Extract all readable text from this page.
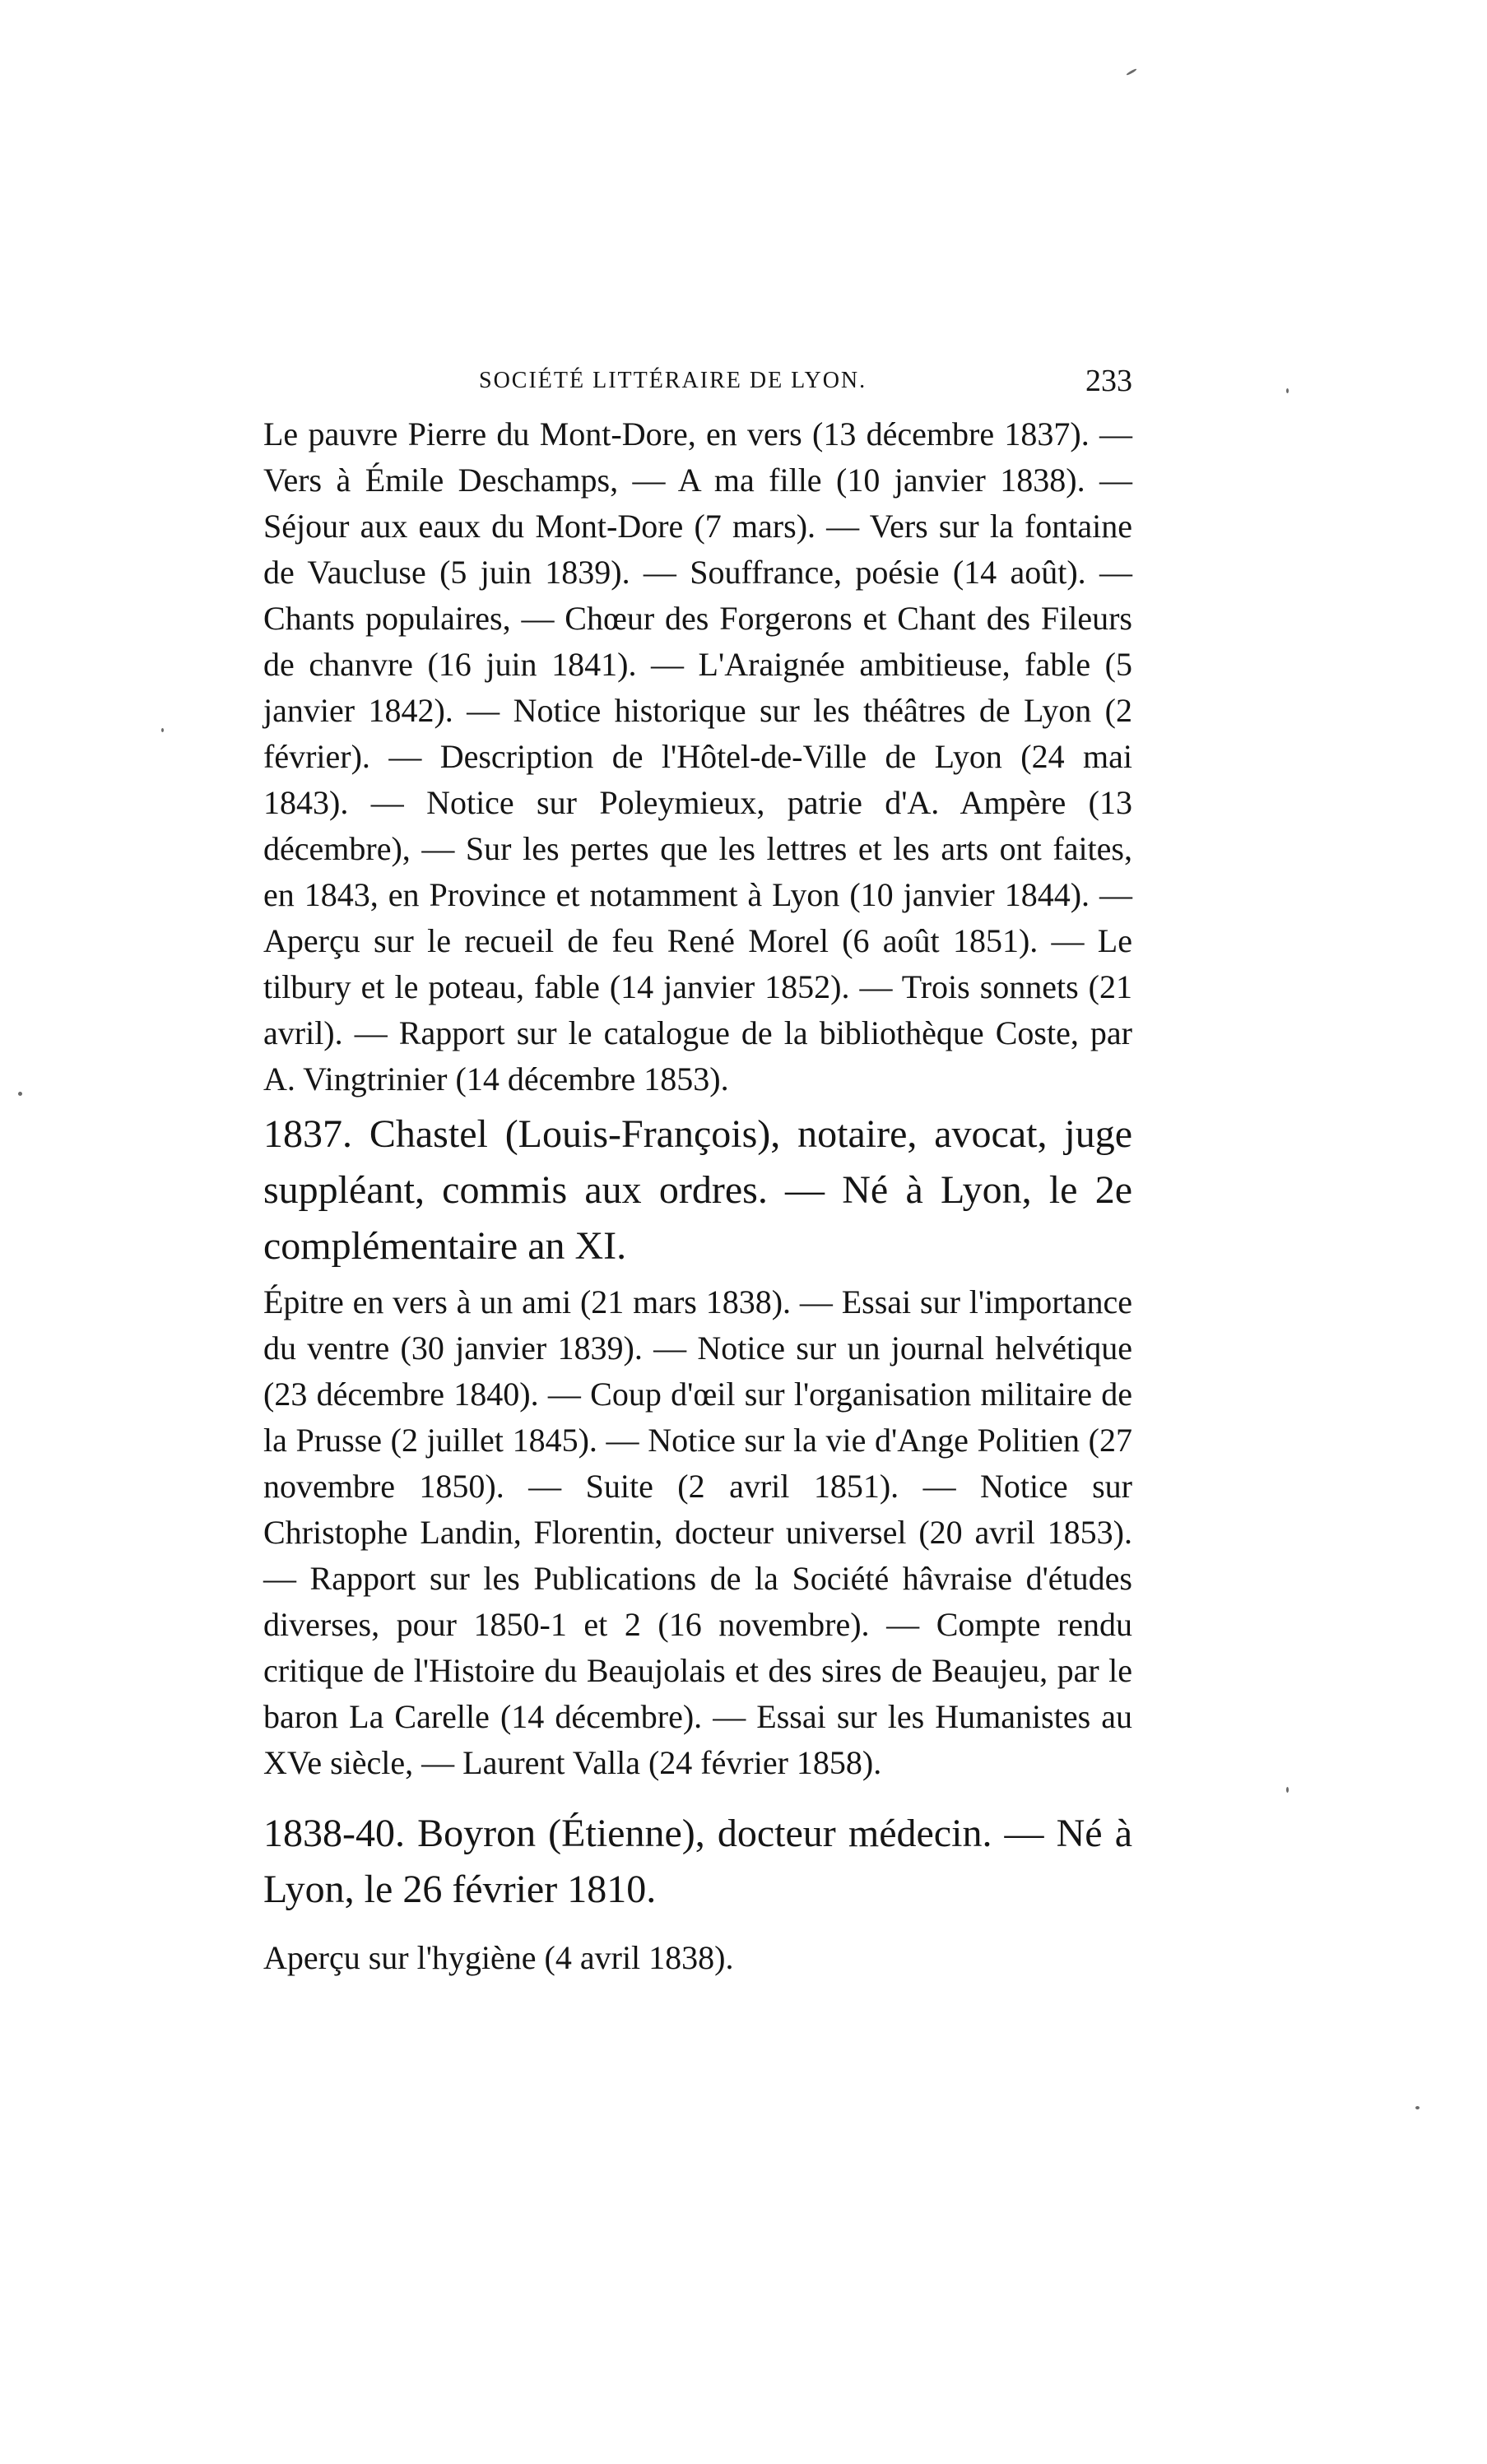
SOCIÉTÉ LITTÉRAIRE DE LYON.	233

Le pauvre Pierre du Mont-Dore, en vers (13 décembre 1837). — Vers à Émile Deschamps, — A ma fille (10 janvier 1838). — Séjour aux eaux du Mont-Dore (7 mars). — Vers sur la fontaine de Vaucluse (5 juin 1839). — Souffrance, poésie (14 août). — Chants populaires, — Chœur des Forgerons et Chant des Fileurs de chanvre (16 juin 1841). — L'Araignée ambitieuse, fable (5 janvier 1842). — Notice historique sur les théâtres de Lyon (2 février). — Description de l'Hôtel-de-Ville de Lyon (24 mai 1843). — Notice sur Poleymieux, patrie d'A. Ampère (13 décembre), — Sur les pertes que les lettres et les arts ont faites, en 1843, en Province et notamment à Lyon (10 janvier 1844). — Aperçu sur le recueil de feu René Morel (6 août 1851). — Le tilbury et le poteau, fable (14 janvier 1852). — Trois sonnets (21 avril). — Rapport sur le catalogue de la bibliothèque Coste, par A. Vingtrinier (14 décembre 1853).

1837. Chastel (Louis-François), notaire, avocat, juge suppléant, commis aux ordres. — Né à Lyon, le 2e complémentaire an XI.

Épitre en vers à un ami (21 mars 1838). — Essai sur l'importance du ventre (30 janvier 1839). — Notice sur un journal helvétique (23 décembre 1840). — Coup d'œil sur l'organisation militaire de la Prusse (2 juillet 1845). — Notice sur la vie d'Ange Politien (27 novembre 1850). — Suite (2 avril 1851). — Notice sur Christophe Landin, Florentin, docteur universel (20 avril 1853). — Rapport sur les Publications de la Société hâvraise d'études diverses, pour 1850-1 et 2 (16 novembre). — Compte rendu critique de l'Histoire du Beaujolais et des sires de Beaujeu, par le baron La Carelle (14 décembre). — Essai sur les Humanistes au XVe siècle, — Laurent Valla (24 février 1858).

1838-40. Boyron (Étienne), docteur médecin. — Né à Lyon, le 26 février 1810.

Aperçu sur l'hygiène (4 avril 1838).
